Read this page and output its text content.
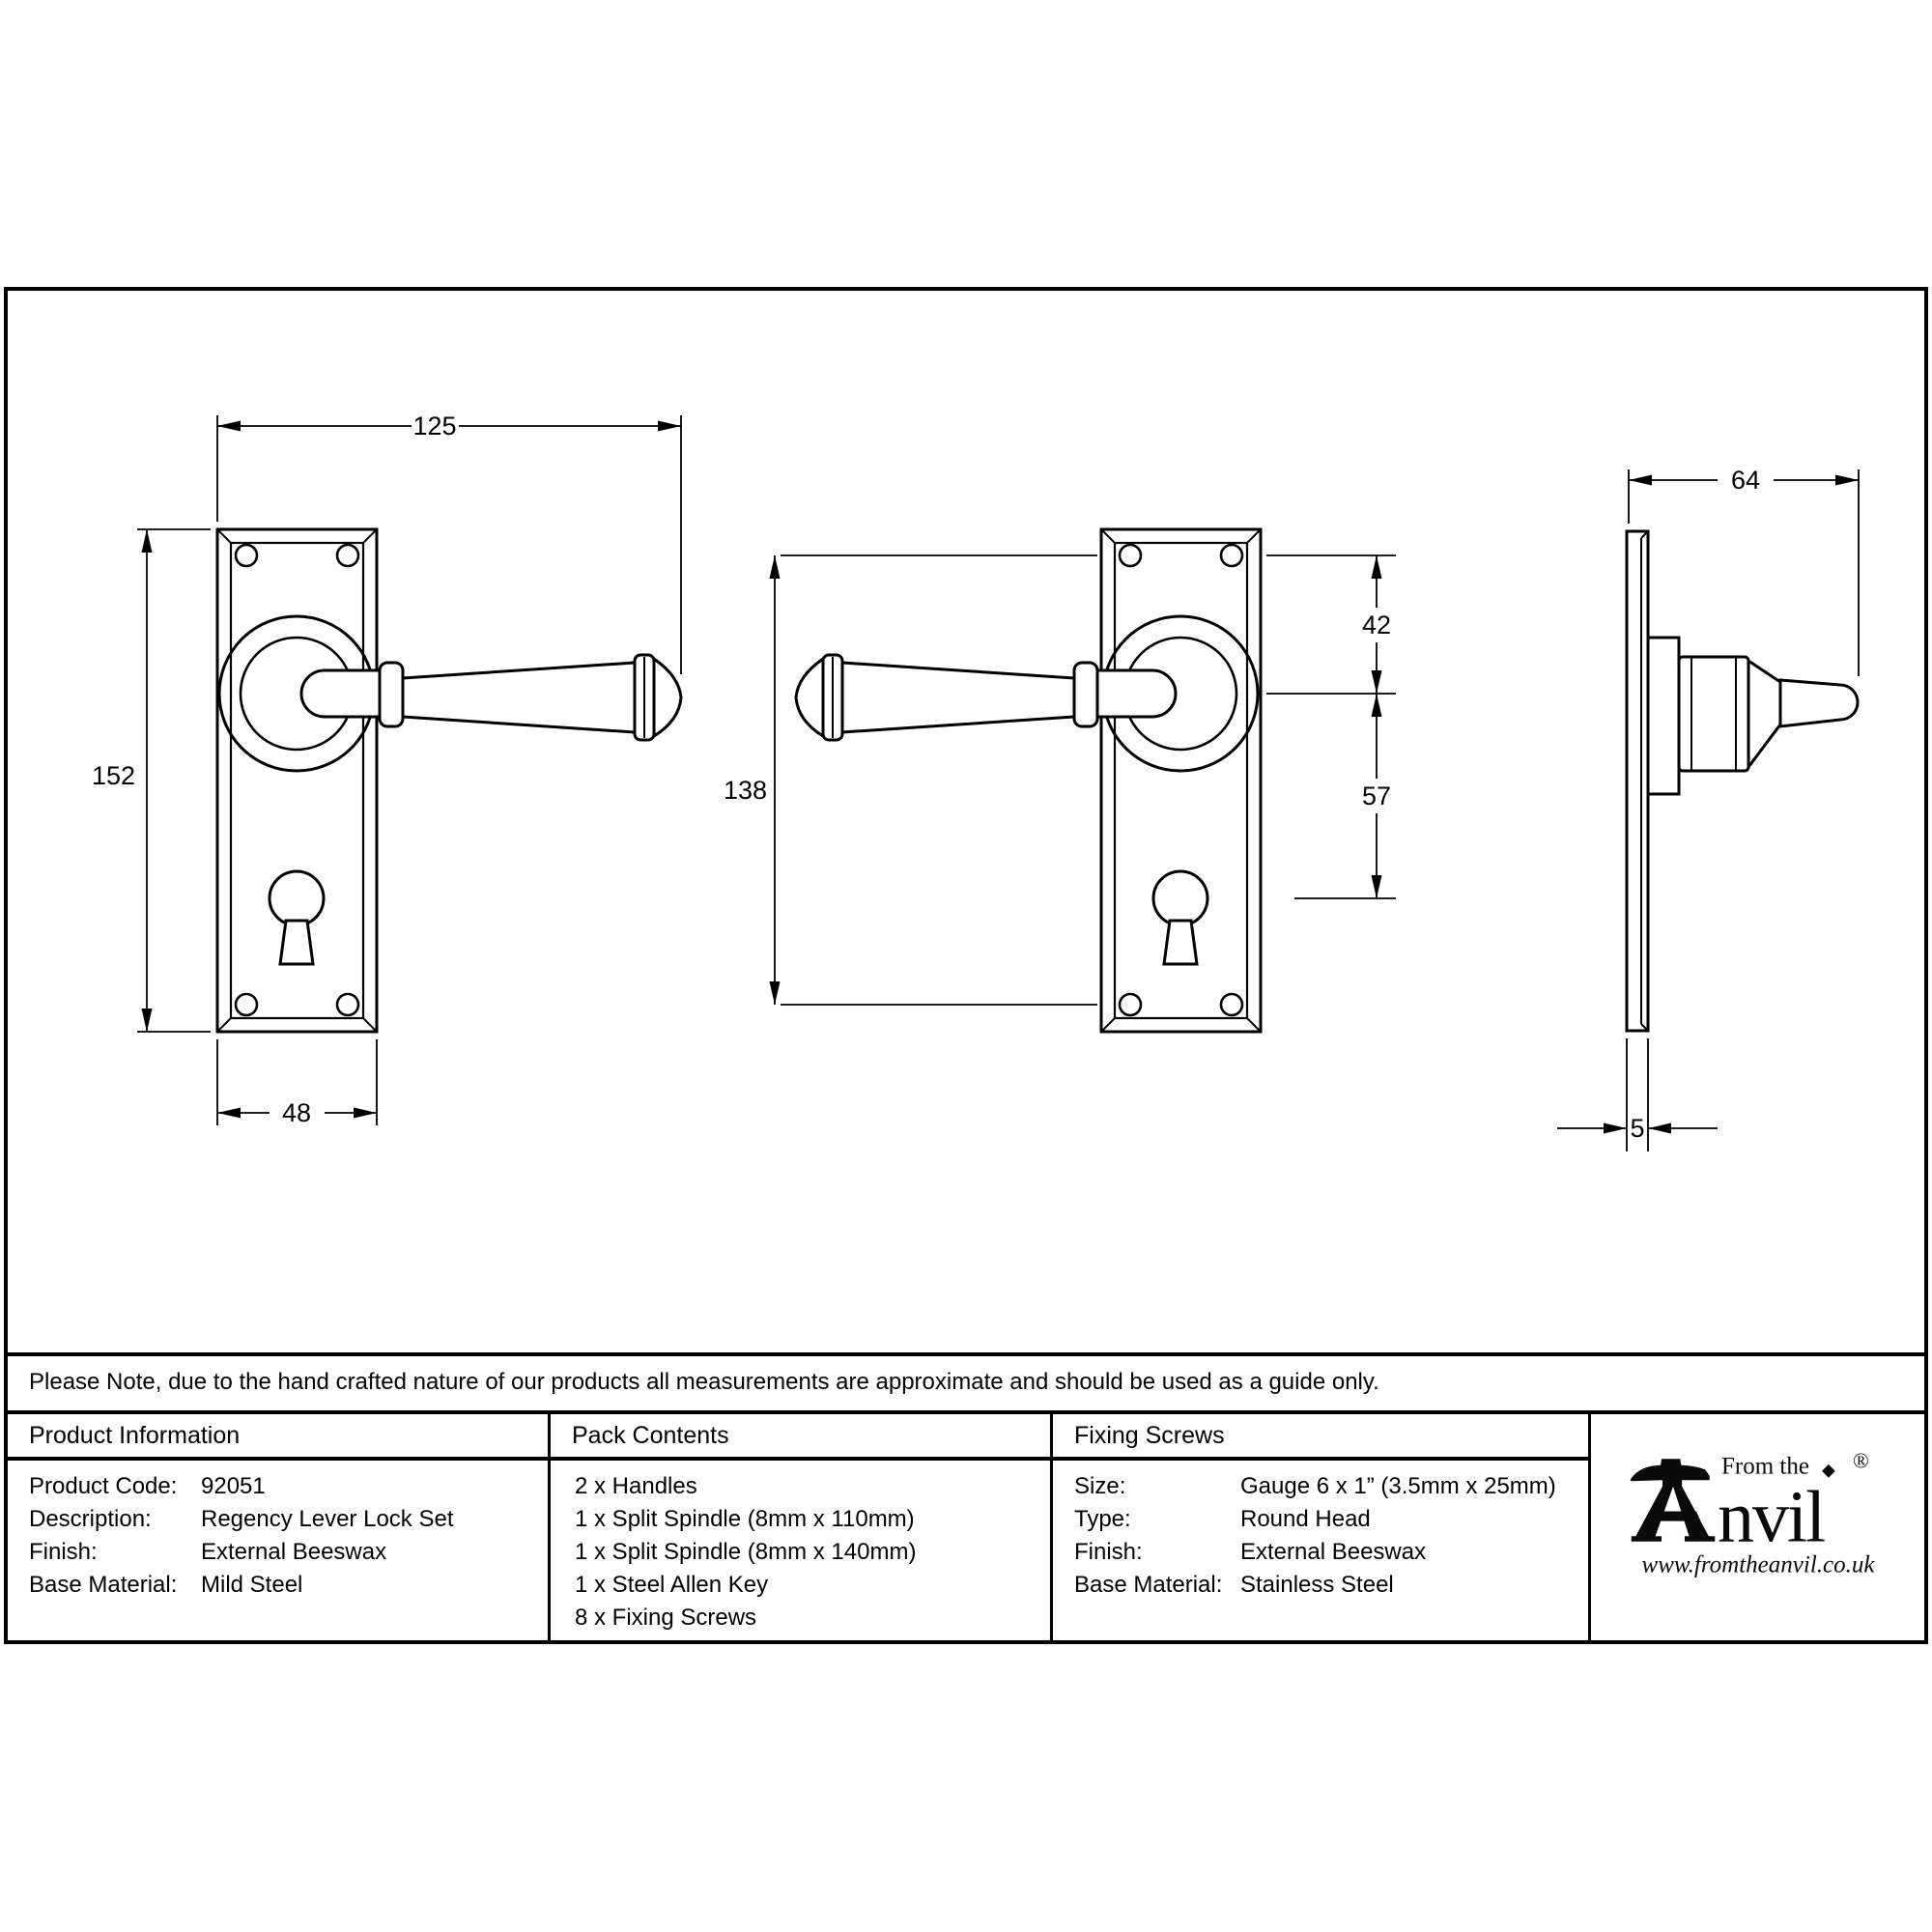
125
152
48
138
42
57
64
5
Please Note, due to the hand crafted nature of our products all measurements are approximate and should be used as a guide only.
Product Information	Pack Contents	Fixing Screws
nvil
From the ◆ ®
www.fromtheanvil.co.uk
Product Code:	92051
Description:	Regency Lever Lock Set
Finish:	External Beeswax
Base Material:	Mild Steel
2 x Handles
1 x Split Spindle (8mm x 110mm)
1 x Split Spindle (8mm x 140mm)
1 x Steel Allen Key
8 x Fixing Screws
Size:	Gauge 6 x 1” (3.5mm x 25mm)
Type:	Round Head
Finish:	External Beeswax
Base Material: Stainless Steel
